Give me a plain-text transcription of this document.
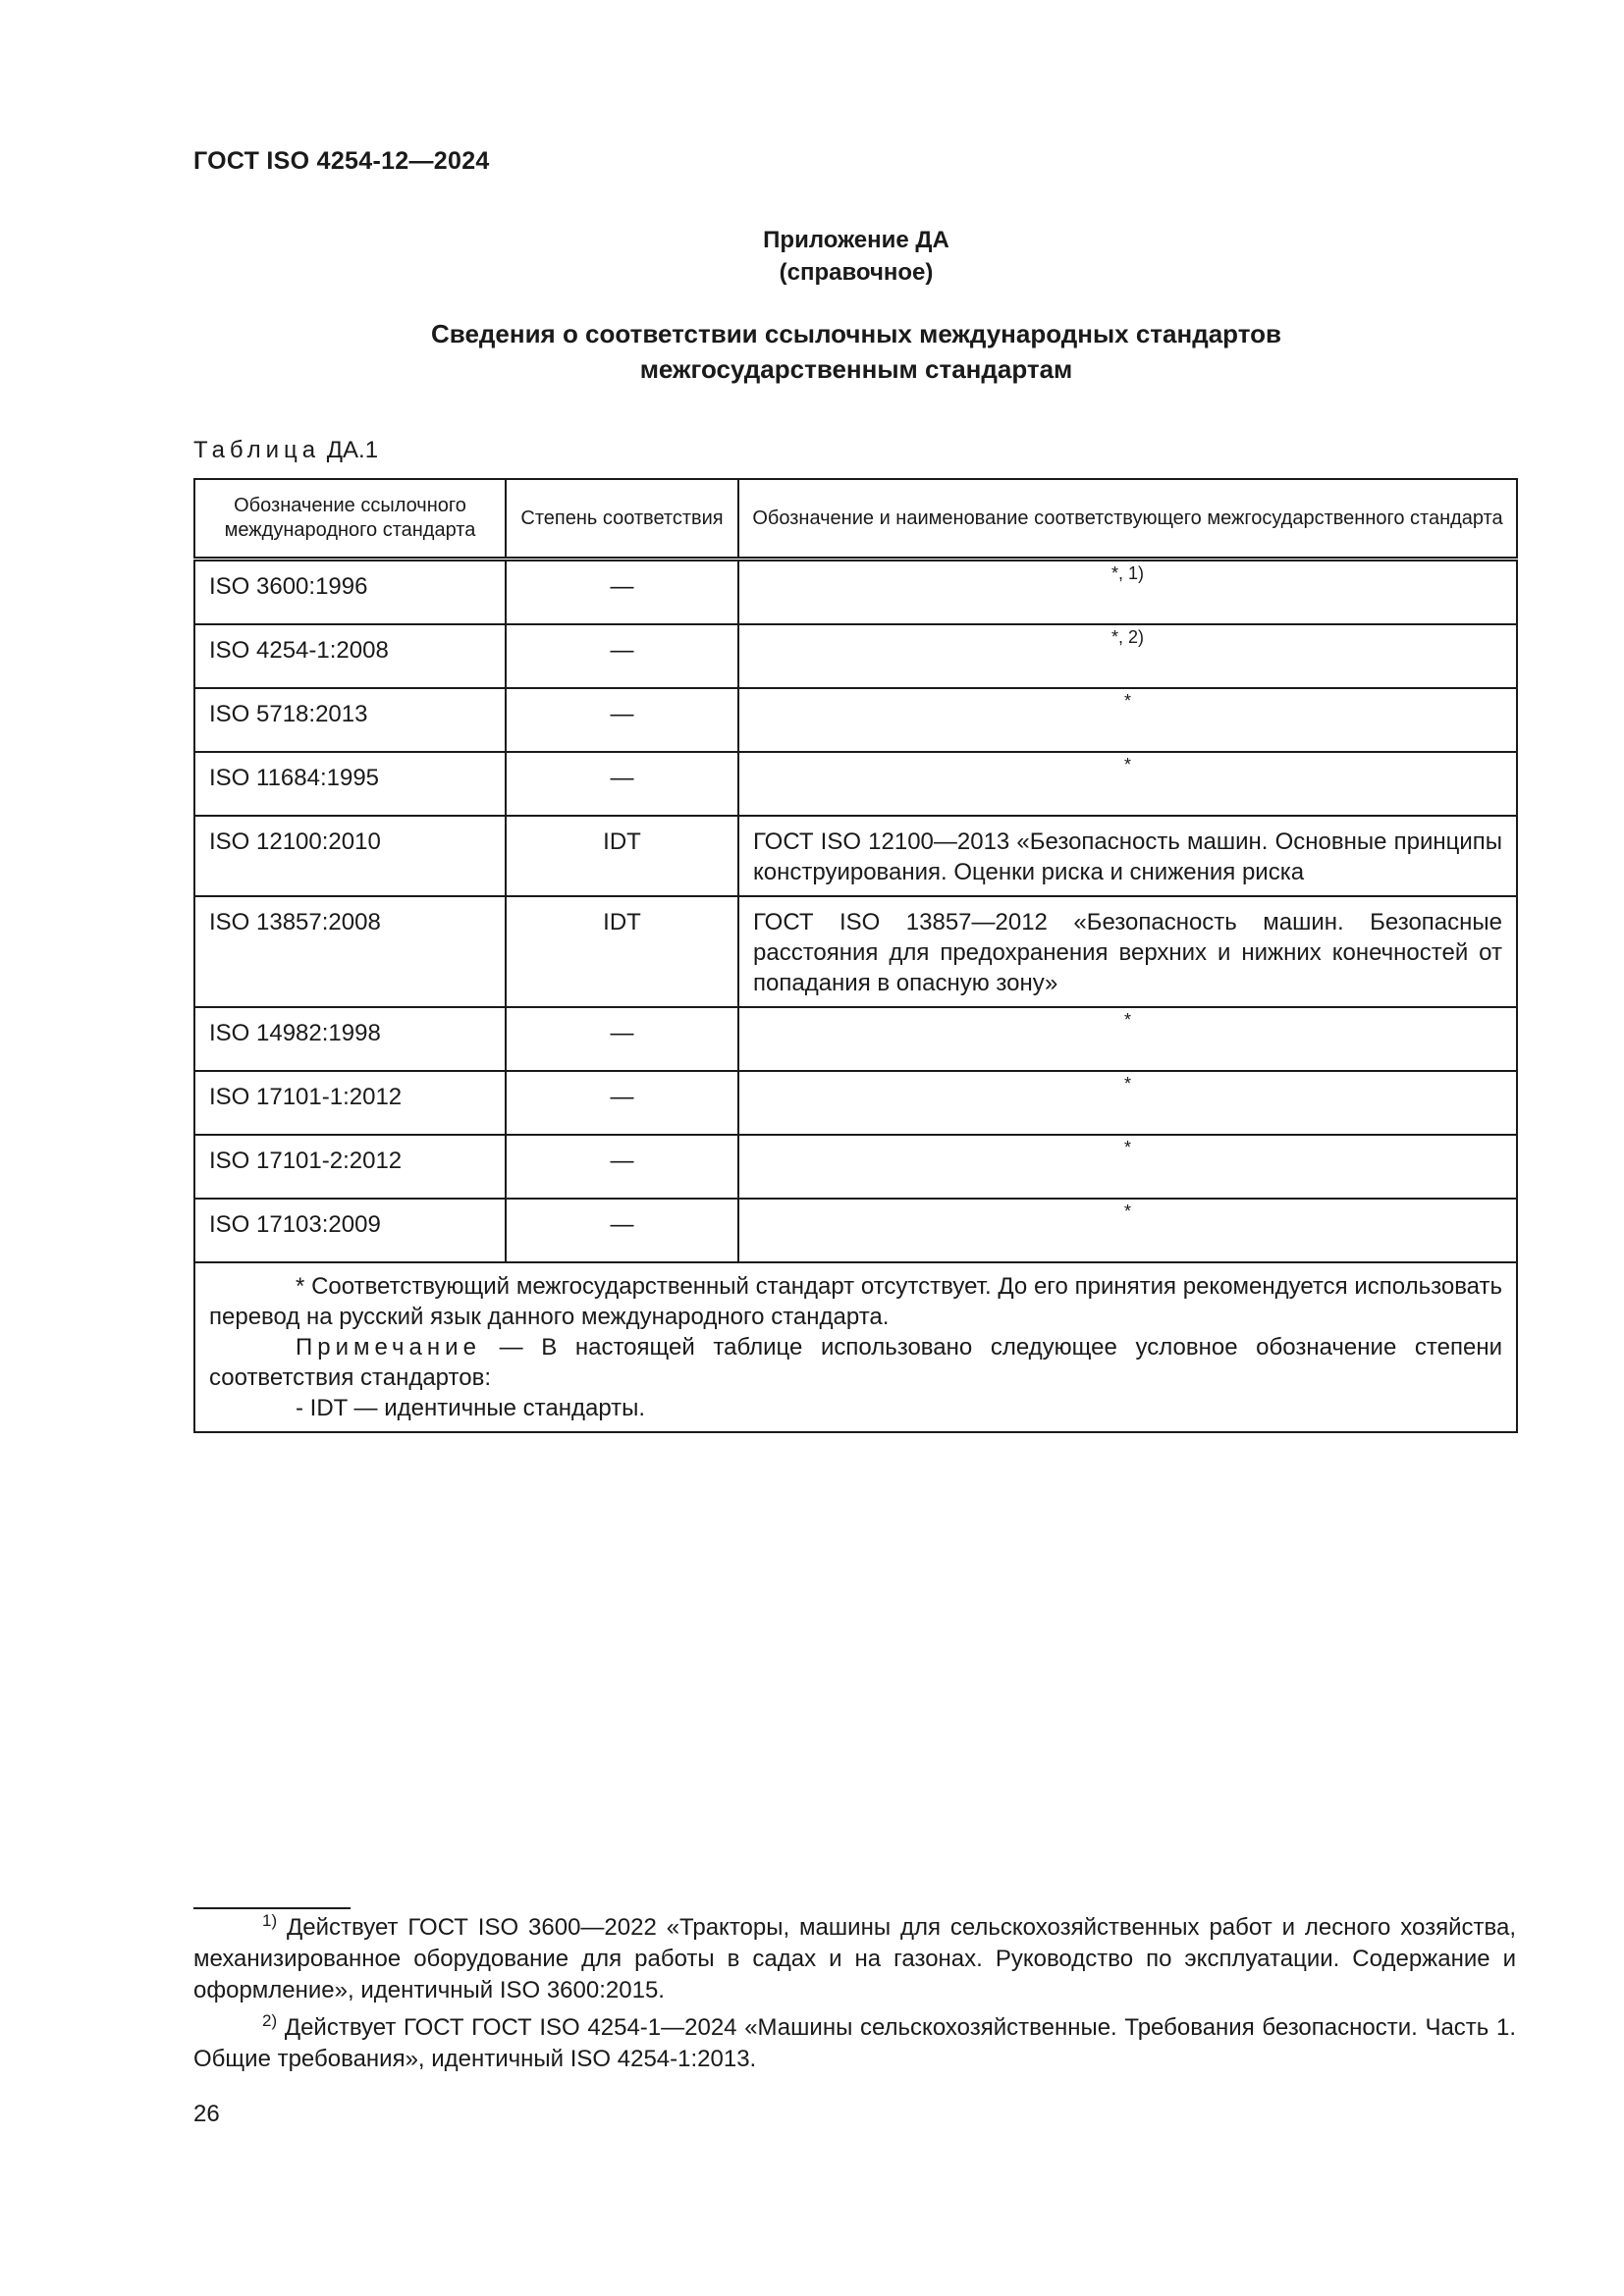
ГОСТ ISO 4254-12—2024
Приложение ДА
(справочное)
Сведения о соответствии ссылочных международных стандартов
межгосударственным стандартам
Таблица ДА.1
Обозначение ссылочного международного стандарта	Степень соответствия	Обозначение и наименование соответствующего межгосударственного стандарта
ISO 3600:1996	—	*, 1)
ISO 4254-1:2008	—	*, 2)
ISO 5718:2013	—	*
ISO 11684:1995	—	*
ISO 12100:2010	IDT	ГОСТ ISO 12100—2013 «Безопасность машин. Основные принципы конструирования. Оценки риска и снижения риска
ISO 13857:2008	IDT	ГОСТ ISO 13857—2012 «Безопасность машин. Безопасные расстояния для предохранения верхних и нижних конечностей от попадания в опасную зону»
ISO 14982:1998	—	*
ISO 17101-1:2012	—	*
ISO 17101-2:2012	—	*
ISO 17103:2009	—	*

* Соответствующий межгосударственный стандарт отсутствует. До его принятия рекомендуется использовать перевод на русский язык данного международного стандарта.

Примечание — В настоящей таблице использовано следующее условное обозначение степени соответствия стандартов:

- IDT — идентичные стандарты.		

$^{1)}$ Действует ГОСТ ISO 3600—2022 «Тракторы, машины для сельскохозяйственных работ и лесного хозяйства, механизированное оборудование для работы в садах и на газонах. Руководство по эксплуатации. Содержание и оформление», идентичный ISO 3600:2015.

$^{2)}$ Действует ГОСТ ГОСТ ISO 4254-1—2024 «Машины сельскохозяйственные. Требования безопасности. Часть 1. Общие требования», идентичный ISO 4254-1:2013.

26
